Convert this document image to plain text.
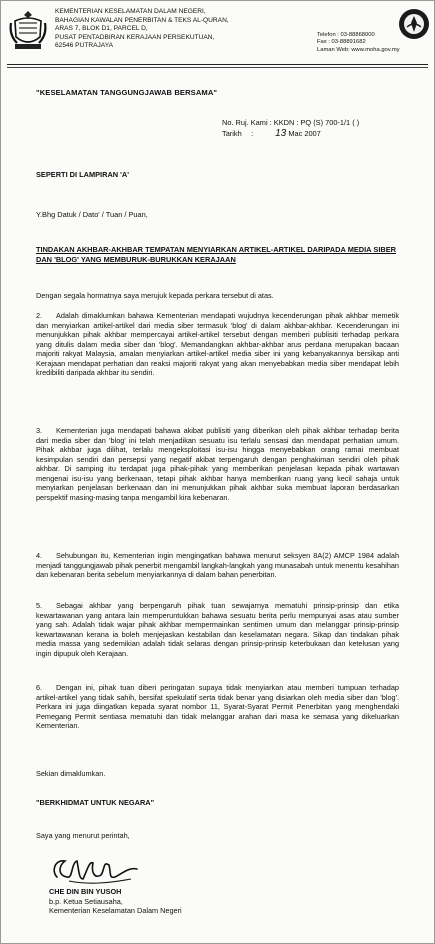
KEMENTERIAN KESELAMATAN DALAM NEGERI,
BAHAGIAN KAWALAN PENERBITAN & TEKS AL-QURAN,
ARAS 7, BLOK D1, PARCEL D,
PUSAT PENTADBIRAN KERAJAAN PERSEKUTUAN,
62546 PUTRAJAYA
Telefon : 03-88868000
Fax : 03-88891682
Laman Web: www.moha.gov.my
"KESELAMATAN TANGGUNGJAWAB BERSAMA"
No. Ruj. Kami : KKDN : PQ (S) 700-1/1 ( )
Tarikh : 13 Mac 2007
SEPERTI DI LAMPIRAN 'A'
Y.Bhg Datuk / Dato' / Tuan / Puan,
TINDAKAN AKHBAR-AKHBAR TEMPATAN MENYIARKAN ARTIKEL-ARTIKEL DARIPADA MEDIA SIBER DAN 'BLOG' YANG MEMBURUK-BURUKKAN KERAJAAN
Dengan segala hormatnya saya merujuk kepada perkara tersebut di atas.
2. Adalah dimaklumkan bahawa Kementerian mendapati wujudnya kecenderungan pihak akhbar memetik dan menyiarkan artikel-artikel dari media siber termasuk 'blog' di dalam akhbar-akhbar. Kecenderungan ini menunjukkan pihak akhbar mempercayai artikel-artikel tersebut dengan memberi publisiti terhadap perkara yang ditulis dalam media siber dan 'blog'. Memandangkan akhbar-akhbar arus perdana merupakan bacaan majoriti rakyat Malaysia, amalan menyiarkan artikel-artikel media siber ini yang kebanyakannya bersikap anti Kerajaan mendapat perhatian dan reaksi majoriti rakyat yang akan menyebabkan media siber mendapat lebih kredibiliti daripada akhbar itu sendiri.
3. Kementerian juga mendapati bahawa akibat publisiti yang diberikan oleh pihak akhbar terhadap berita dari media siber dan 'blog' ini telah menjadikan sesuatu isu terlalu sensasi dan mendapat perhatian umum. Pihak akhbar juga dilihat, terlalu mengeksploitasi isu-isu hingga menyebabkan orang ramai membuat kesimpulan sendiri dan persepsi yang negatif akibat terpengaruh dengan penghakiman sendiri oleh pihak akhbar. Di samping itu terdapat juga pihak-pihak yang memberikan penjelasan kepada pihak wartawan mengenai isu-isu yang berkenaan, tetapi pihak akhbar hanya memberikan ruang yang kecil sahaja untuk menyiarkan penjelasan berkenaan dan ini menunjukkan pihak akhbar suka membuat laporan berdasarkan perspektif masing-masing tanpa mengambil kira kebenaran.
4. Sehubungan itu, Kementerian ingin mengingatkan bahawa menurut seksyen 8A(2) AMCP 1984 adalah menjadi tanggungjawab pihak penerbit mengambil langkah-langkah yang munasabah untuk menentu kesahihan dan kebenaran berita sebelum menyiarkannya di dalam bahan penerbitan.
5. Sebagai akhbar yang berpengaruh pihak tuan sewajarnya mematuhi prinsip-prinsip dan etika kewartawanan yang antara lain memperuntukkan bahawa sesuatu berita perlu mempunyai asas atau sumber yang sah. Adalah tidak wajar pihak akhbar mempermainkan sentimen umum dan melanggar prinsip-prinsip kewartawanan kerana ia boleh menjejaskan kestabilan dan keselamatan negara. Sikap dan tindakan pihak media massa yang sedemikian adalah tidak selaras dengan prinsip-prinsip keterbukaan dan ketelusan yang ingin dipupuk oleh Kerajaan.
6. Dengan ini, pihak tuan diberi peringatan supaya tidak menyiarkan atau memberi tumpuan terhadap artikel-artikel yang tidak sahih, bersifat spekulatif serta tidak benar yang disiarkan oleh media siber dan 'blog'. Perkara ini juga diingatkan kepada syarat nombor 11, Syarat-Syarat Permit Penerbitan yang menghendaki Pemegang Permit sentiasa mematuhi dan tidak melanggar arahan dari masa ke semasa yang dikeluarkan Kementerian.
Sekian dimaklumkan.
"BERKHIDMAT UNTUK NEGARA"
Saya yang menurut perintah,
CHE DIN BIN YUSOH
b.p. Ketua Setiausaha,
Kementerian Keselamatan Dalam Negeri
